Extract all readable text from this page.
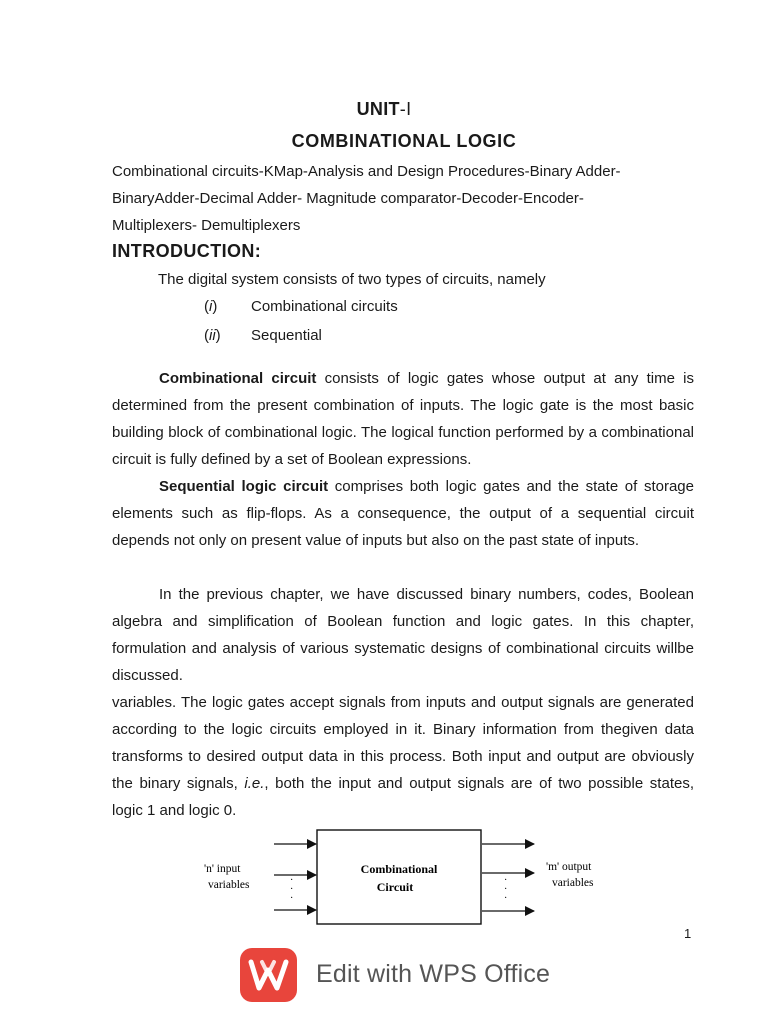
UNIT-I
COMBINATIONAL LOGIC
Combinational circuits-KMap-Analysis and Design Procedures-Binary Adder-
BinaryAdder-Decimal Adder- Magnitude comparator-Decoder-Encoder-
Multiplexers- Demultiplexers
INTRODUCTION:
The digital system consists of two types of circuits, namely
(i) Combinational circuits
(ii) Sequential
Combinational circuit consists of logic gates whose output at any time is determined from the present combination of inputs. The logic gate is the most basic building block of combinational logic. The logical function performed by a combinational circuit is fully defined by a set of Boolean expressions.
Sequential logic circuit comprises both logic gates and the state of storage elements such as flip-flops. As a consequence, the output of a sequential circuit depends not only on present value of inputs but also on the past state of inputs.
In the previous chapter, we have discussed binary numbers, codes, Boolean algebra and simplification of Boolean function and logic gates. In this chapter, formulation and analysis of various systematic designs of combinational circuits willbe discussed.
variables. The logic gates accept signals from inputs and output signals are generated according to the logic circuits employed in it. Binary information from thegiven data transforms to desired output data in this process. Both input and output are obviously the binary signals, i.e., both the input and output signals are of two possible states, logic 1 and logic 0.
Combinational
Circuit
·
·
·
'n' input
variables	·
·
·
'm' output
variables
1
Edit with WPS Office
